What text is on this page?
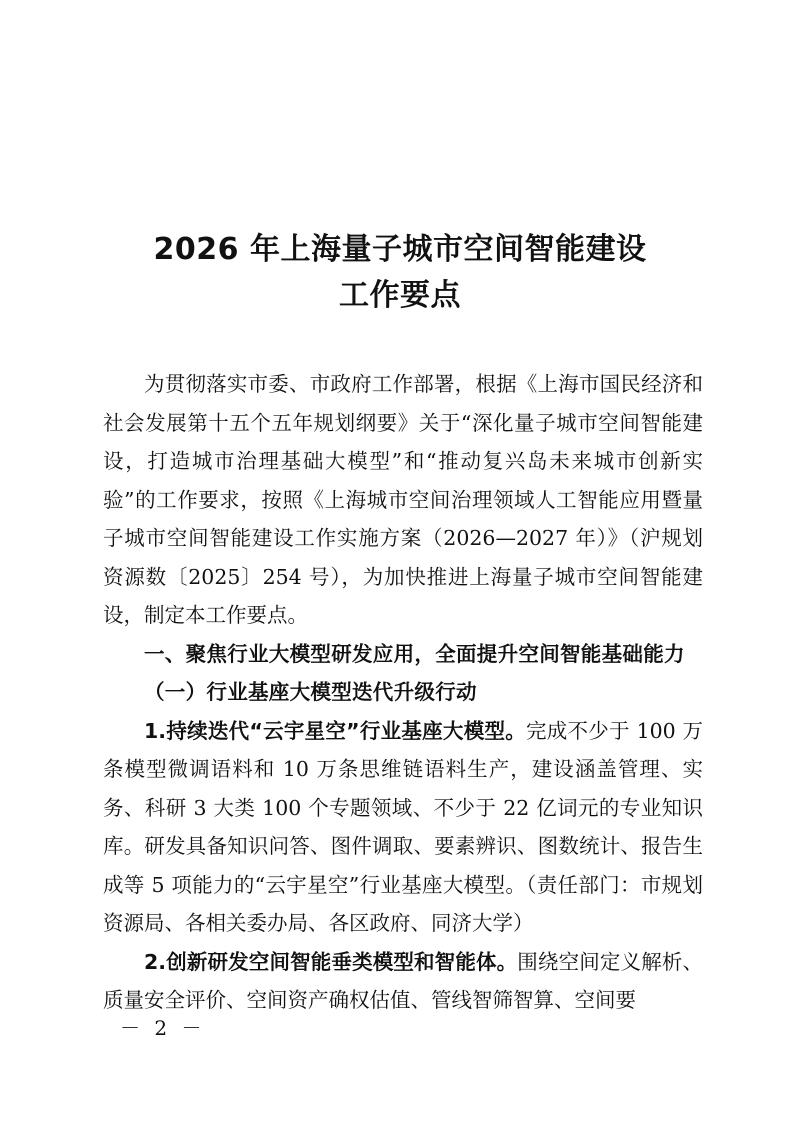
2026 年上海量子城市空间智能建设
工作要点

为贯彻落实市委、市政府工作部署，根据《上海市国民经济和社会发展第十五个五年规划纲要》关于“深化量子城市空间智能建设，打造城市治理基础大模型”和“推动复兴岛未来城市创新实验”的工作要求，按照《上海城市空间治理领域人工智能应用暨量子城市空间智能建设工作实施方案（2026—2027 年）》（沪规划资源数〔2025〕254 号），为加快推进上海量子城市空间智能建设，制定本工作要点。

一、聚焦行业大模型研发应用，全面提升空间智能基础能力

（一）行业基座大模型迭代升级行动

1.持续迭代“云宇星空”行业基座大模型。完成不少于 100 万条模型微调语料和 10 万条思维链语料生产，建设涵盖管理、实务、科研 3 大类 100 个专题领域、不少于 22 亿词元的专业知识库。研发具备知识问答、图件调取、要素辨识、图数统计、报告生成等 5 项能力的“云宇星空”行业基座大模型。（责任部门：市规划资源局、各相关委办局、各区政府、同济大学）

2.创新研发空间智能垂类模型和智能体。围绕空间定义解析、质量安全评价、空间资产确权估值、管线智筛智算、空间要

－ 2 －
